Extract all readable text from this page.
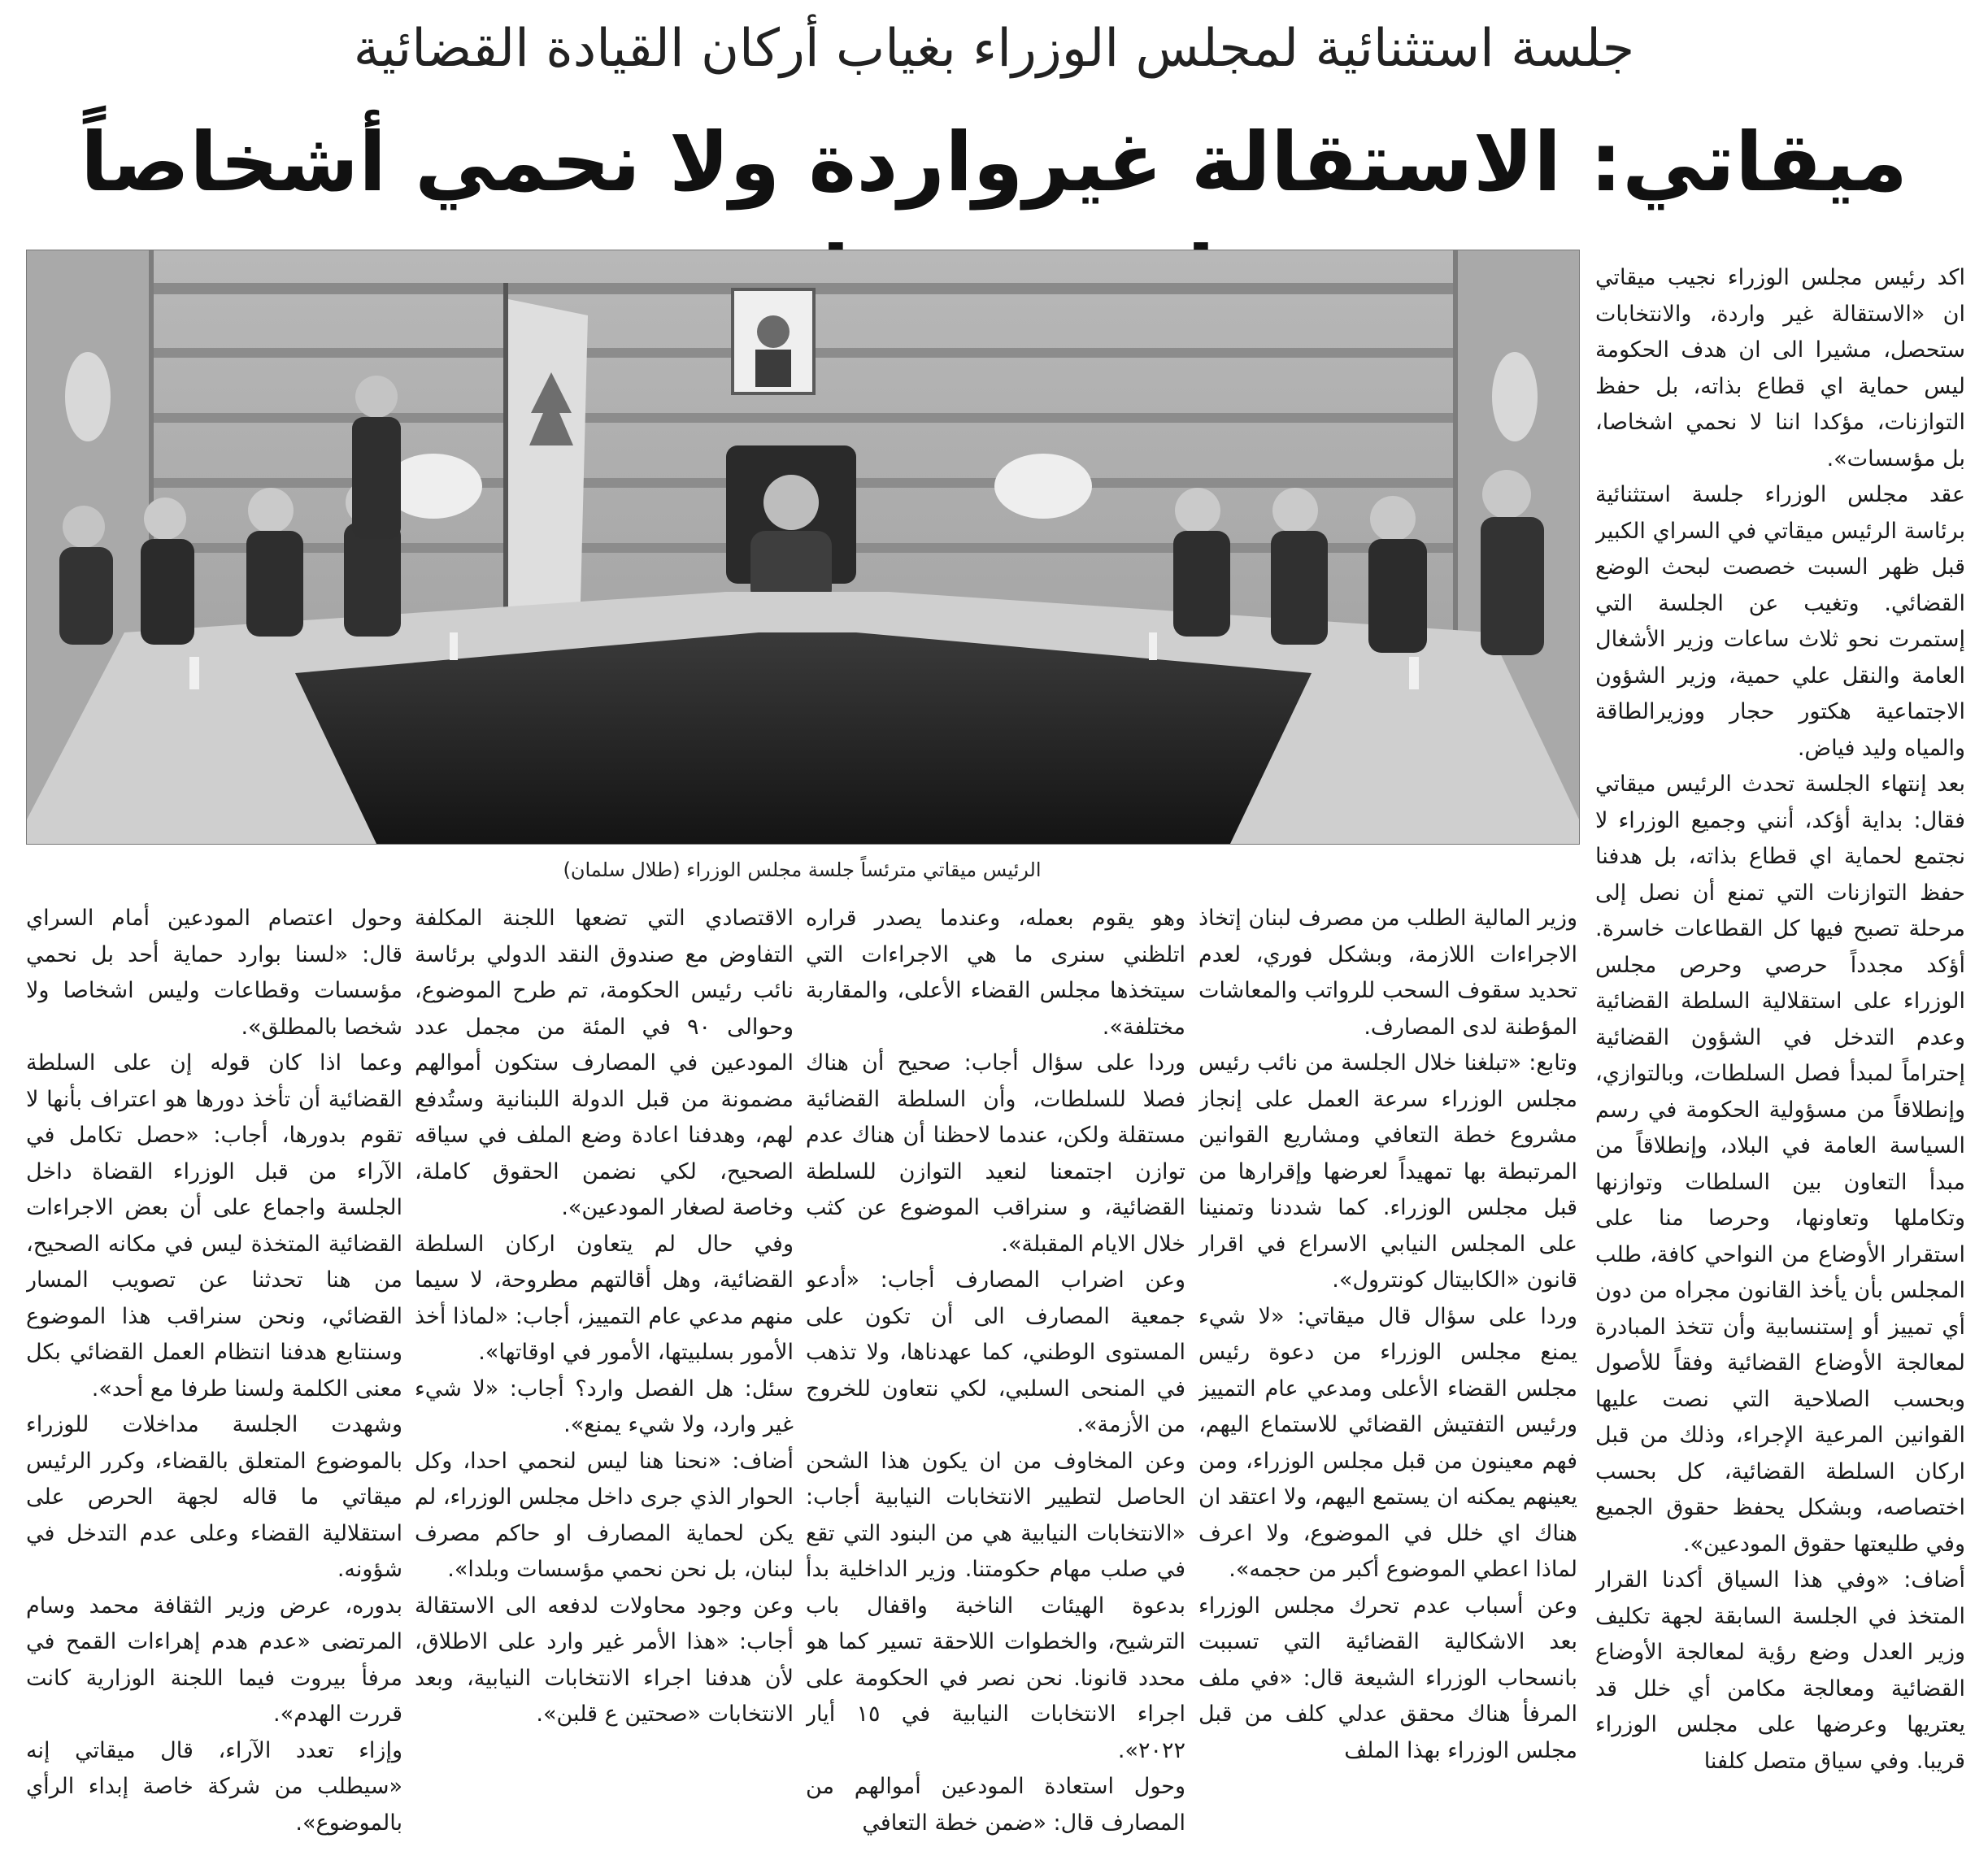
جلسة استثنائية لمجلس الوزراء بغياب أركان القيادة القضائية
ميقاتي: الاستقالة غيرواردة ولا نحمي أشخاصاً
الرئيس ميقاتي مترئساً جلسة مجلس الوزراء (طلال سلمان)

اكد رئيس مجلس الوزراء نجيب ميقاتي ان «الاستقالة غير واردة، والانتخابات ستحصل، مشيرا الى ان هدف الحكومة ليس حماية اي قطاع بذاته، بل حفظ التوازنات، مؤكدا اننا لا نحمي اشخاصا، بل مؤسسات».

عقد مجلس الوزراء جلسة استثنائية برئاسة الرئيس ميقاتي في السراي الكبير قبل ظهر السبت خصصت لبحث الوضع القضائي. وتغيب عن الجلسة التي إستمرت نحو ثلاث ساعات وزير الأشغال العامة والنقل علي حمية، وزير الشؤون الاجتماعية هكتور حجار ووزيرالطاقة والمياه وليد فياض.

بعد إنتهاء الجلسة تحدث الرئيس ميقاتي فقال: بداية أؤكد، أنني وجميع الوزراء لا نجتمع لحماية اي قطاع بذاته، بل هدفنا حفظ التوازنات التي تمنع أن نصل إلى مرحلة تصبح فيها كل القطاعات خاسرة. أؤكد مجدداً حرصي وحرص مجلس الوزراء على استقلالية السلطة القضائية وعدم التدخل في الشؤون القضائية إحتراماً لمبدأ فصل السلطات، وبالتوازي، وإنطلاقاً من مسؤولية الحكومة في رسم السياسة العامة في البلاد، وإنطلاقاً من مبدأ التعاون بين السلطات وتوازنها وتكاملها وتعاونها، وحرصا منا على استقرار الأوضاع من النواحي كافة، طلب المجلس بأن يأخذ القانون مجراه من دون أي تمييز أو إستنسابية وأن تتخذ المبادرة لمعالجة الأوضاع القضائية وفقاً للأصول وبحسب الصلاحية التي نصت عليها القوانين المرعية الإجراء، وذلك من قبل اركان السلطة القضائية، كل بحسب اختصاصه، وبشكل يحفظ حقوق الجميع وفي طليعتها حقوق المودعين».

أضاف: «وفي هذا السياق أكدنا القرار المتخذ في الجلسة السابقة لجهة تكليف وزير العدل وضع رؤية لمعالجة الأوضاع القضائية ومعالجة مكامن أي خلل قد يعتريها وعرضها على مجلس الوزراء قريبا. وفي سياق متصل كلفنا

وزير المالية الطلب من مصرف لبنان إتخاذ الاجراءات اللازمة، وبشكل فوري، لعدم تحديد سقوف السحب للرواتب والمعاشات المؤطنة لدى المصارف.

وتابع: «تبلغنا خلال الجلسة من نائب رئيس مجلس الوزراء سرعة العمل على إنجاز مشروع خطة التعافي ومشاريع القوانين المرتبطة بها تمهيداً لعرضها وإقرارها من قبل مجلس الوزراء. كما شددنا وتمنينا على المجلس النيابي الاسراع في اقرار قانون «الكابيتال كونترول».

وردا على سؤال قال ميقاتي: «لا شيء يمنع مجلس الوزراء من دعوة رئيس مجلس القضاء الأعلى ومدعي عام التمييز ورئيس التفتيش القضائي للاستماع اليهم، فهم معينون من قبل مجلس الوزراء، ومن يعينهم يمكنه ان يستمع اليهم، ولا اعتقد ان هناك اي خلل في الموضوع، ولا اعرف لماذا اعطي الموضوع أكبر من حجمه».

وعن أسباب عدم تحرك مجلس الوزراء بعد الاشكالية القضائية التي تسببت بانسحاب الوزراء الشيعة قال: «في ملف المرفأ هناك محقق عدلي كلف من قبل مجلس الوزراء بهذا الملف

وهو يقوم بعمله، وعندما يصدر قراره اتلظني سنرى ما هي الاجراءات التي سيتخذها مجلس القضاء الأعلى، والمقاربة مختلفة».

وردا على سؤال أجاب: صحيح أن هناك فصلا للسلطات، وأن السلطة القضائية مستقلة ولكن، عندما لاحظنا أن هناك عدم توازن اجتمعنا لنعيد التوازن للسلطة القضائية، و سنراقب الموضوع عن كثب خلال الايام المقبلة».

وعن اضراب المصارف أجاب: «أدعو جمعية المصارف الى أن تكون على المستوى الوطني، كما عهدناها، ولا تذهب في المنحى السلبي، لكي نتعاون للخروج من الأزمة».

وعن المخاوف من ان يكون هذا الشحن الحاصل لتطيير الانتخابات النيابية أجاب: «الانتخابات النيابية هي من البنود التي تقع في صلب مهام حكومتنا. وزير الداخلية بدأ بدعوة الهيئات الناخبة واقفال باب الترشيح، والخطوات اللاحقة تسير كما هو محدد قانونا. نحن نصر في الحكومة على اجراء الانتخابات النيابية في ١٥ أيار ٢٠٢٢».

وحول استعادة المودعين أموالهم من المصارف قال: «ضمن خطة التعافي

الاقتصادي التي تضعها اللجنة المكلفة التفاوض مع صندوق النقد الدولي برئاسة نائب رئيس الحكومة، تم طرح الموضوع، وحوالى ٩٠ في المئة من مجمل عدد المودعين في المصارف ستكون أموالهم مضمونة من قبل الدولة اللبنانية وستُدفع لهم، وهدفنا اعادة وضع الملف في سياقه الصحيح، لكي نضمن الحقوق كاملة، وخاصة لصغار المودعين».

وفي حال لم يتعاون اركان السلطة القضائية، وهل أقالتهم مطروحة، لا سيما منهم مدعي عام التمييز، أجاب: «لماذا أخذ الأمور بسلبيتها، الأمور في اوقاتها».

سئل: هل الفصل وارد؟ أجاب: «لا شيء غير وارد، ولا شيء يمنع».

أضاف: «نحنا هنا ليس لنحمي احدا، وكل الحوار الذي جرى داخل مجلس الوزراء، لم يكن لحماية المصارف او حاكم مصرف لبنان، بل نحن نحمي مؤسسات وبلدا».

وعن وجود محاولات لدفعه الى الاستقالة أجاب: «هذا الأمر غير وارد على الاطلاق، لأن هدفنا اجراء الانتخابات النيابية، وبعد الانتخابات «صحتين ع قلبن».

وحول اعتصام المودعين أمام السراي قال: «لسنا بوارد حماية أحد بل نحمي مؤسسات وقطاعات وليس اشخاصا ولا شخصا بالمطلق».

وعما اذا كان قوله إن على السلطة القضائية أن تأخذ دورها هو اعتراف بأنها لا تقوم بدورها، أجاب: «حصل تكامل في الآراء من قبل الوزراء القضاة داخل الجلسة واجماع على أن بعض الاجراءات القضائية المتخذة ليس في مكانه الصحيح، من هنا تحدثنا عن تصويب المسار القضائي، ونحن سنراقب هذا الموضوع وسنتابع هدفنا انتظام العمل القضائي بكل معنى الكلمة ولسنا طرفا مع أحد».

وشهدت الجلسة مداخلات للوزراء بالموضوع المتعلق بالقضاء، وكرر الرئيس ميقاتي ما قاله لجهة الحرص على استقلالية القضاء وعلى عدم التدخل في شؤونه.

بدوره، عرض وزير الثقافة محمد وسام المرتضى «عدم هدم إهراءات القمح في مرفأ بيروت فيما اللجنة الوزارية كانت قررت الهدم».

وإزاء تعدد الآراء، قال ميقاتي إنه «سيطلب من شركة خاصة إبداء الرأي بالموضوع».
